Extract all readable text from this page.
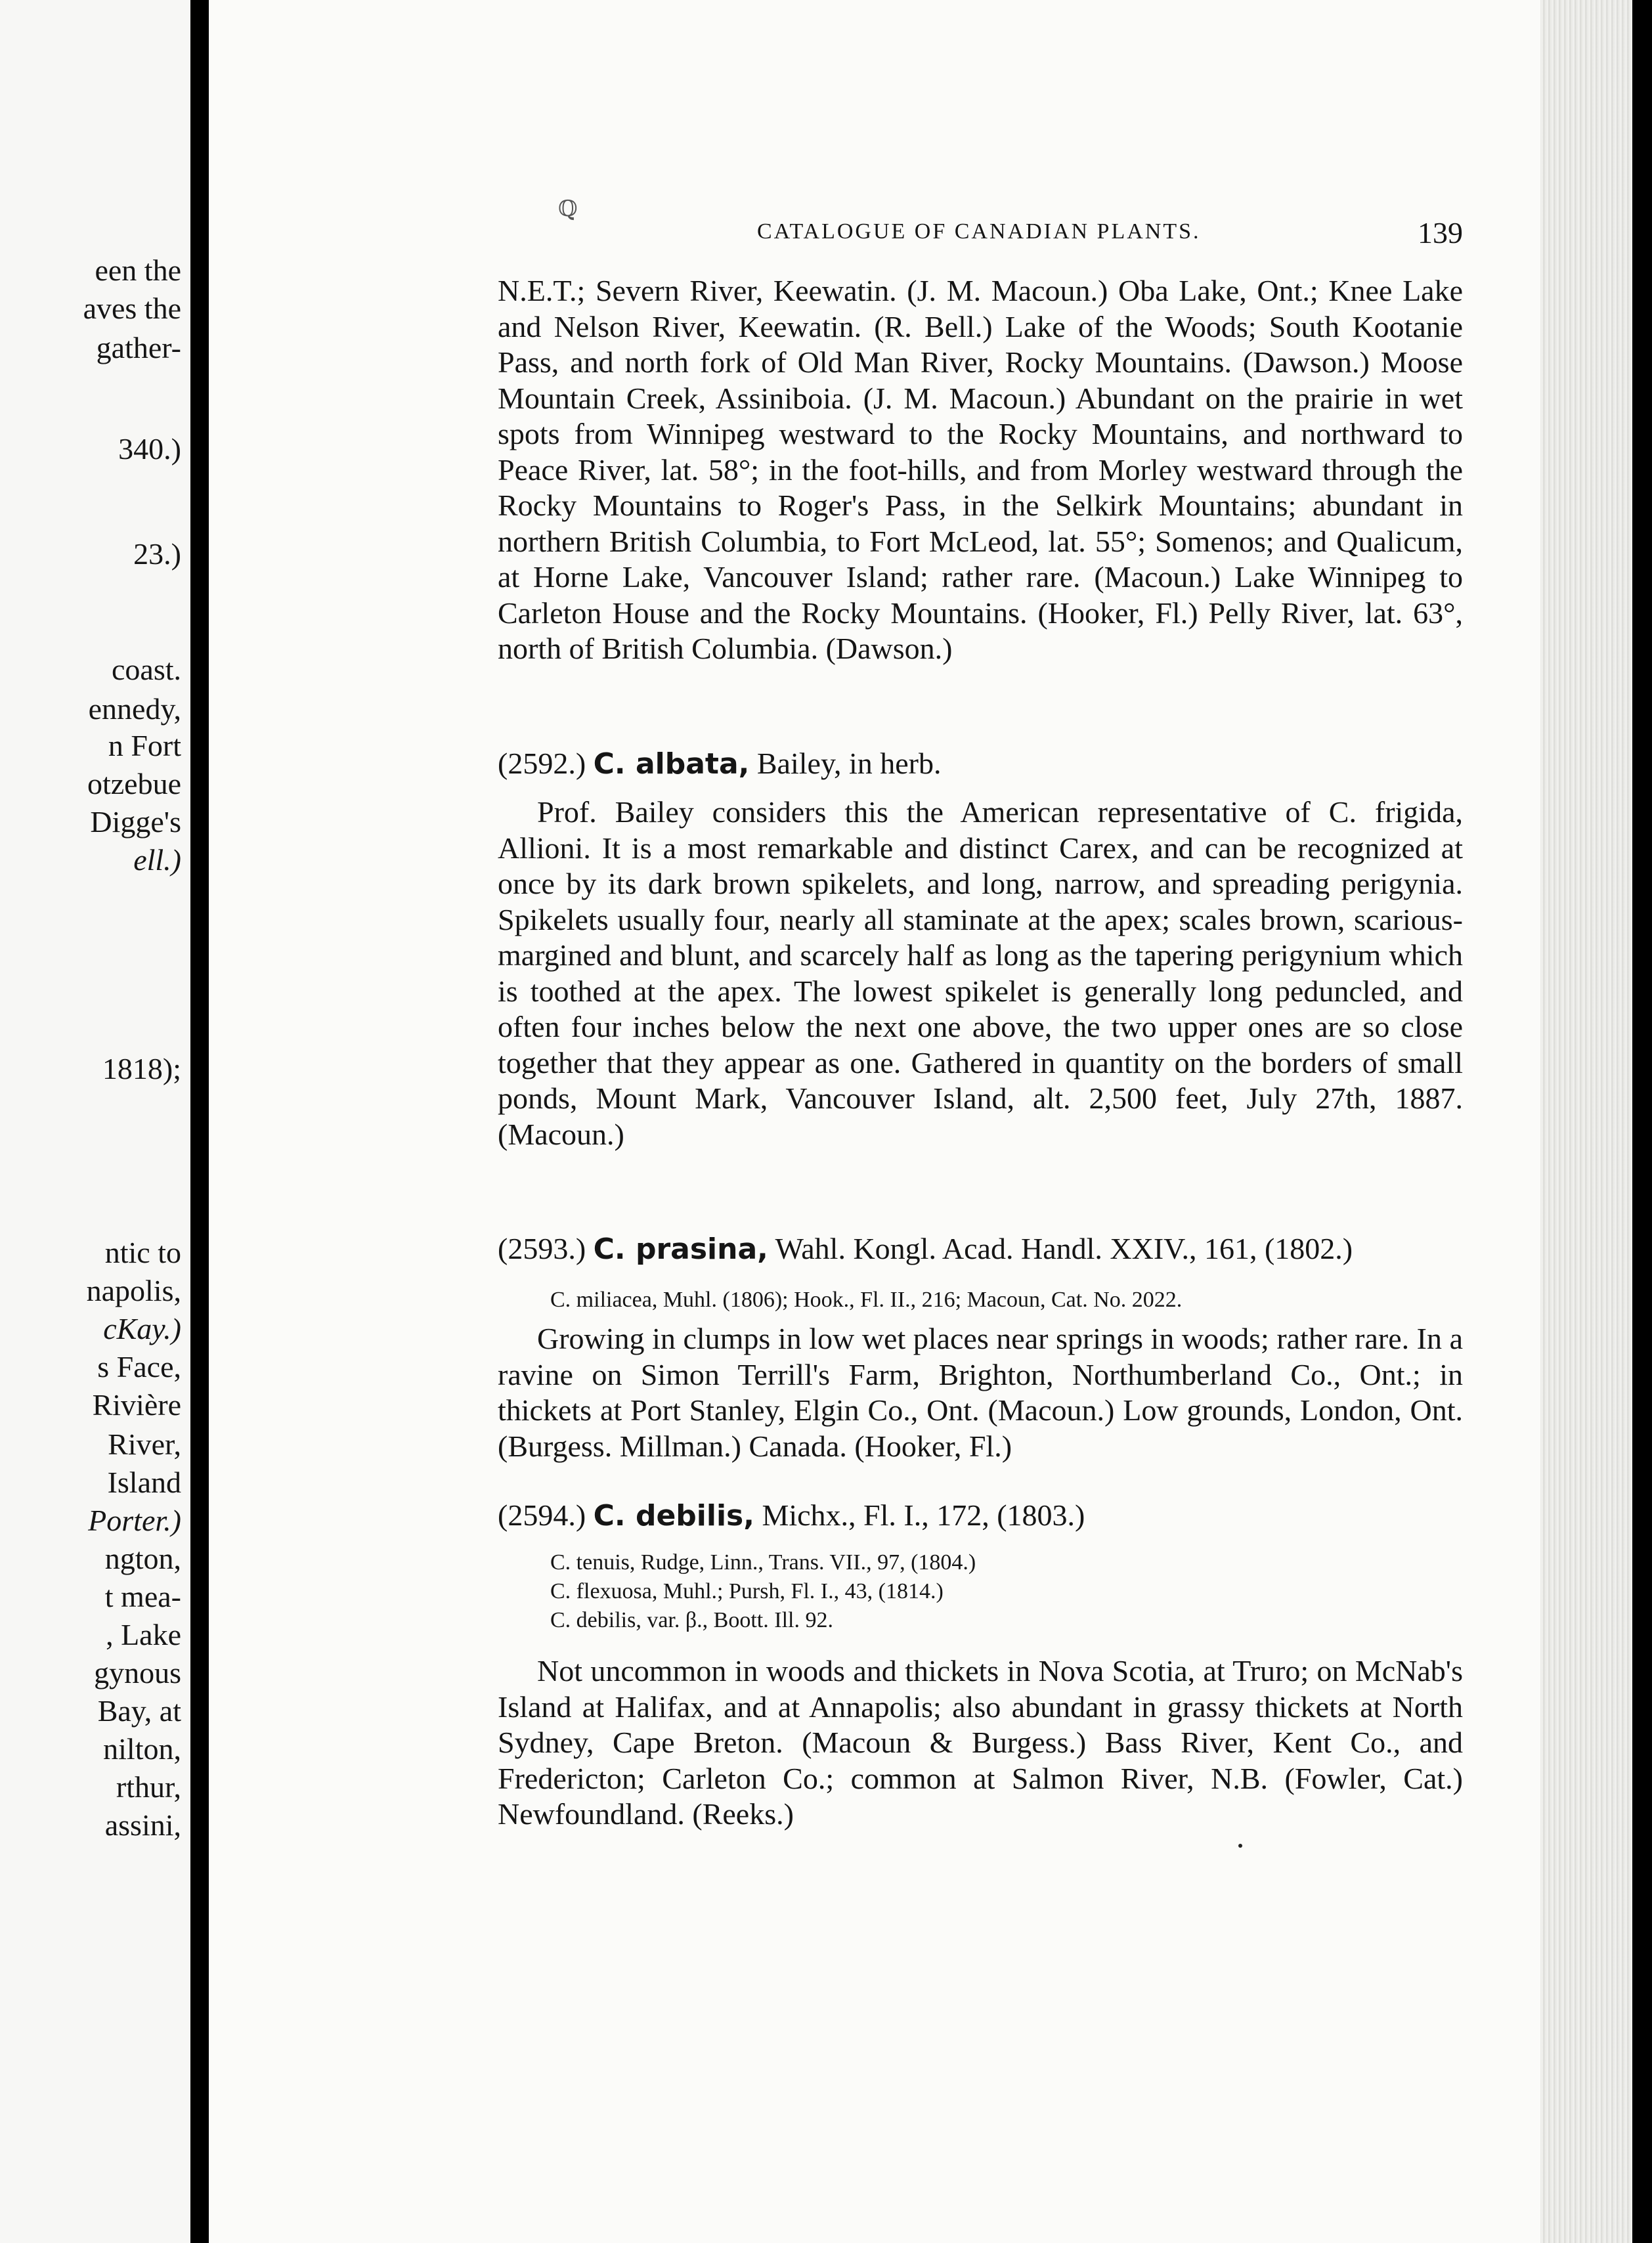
een the
aves the
gather-
340.)
23.)
coast.
ennedy,
n Fort
otzebue
Digge's
ell.)
1818);
ntic to
napolis,
cKay.)
s Face,
Rivière
River,
Island
Porter.)
ngton,
t mea-
, Lake
gynous
Bay, at
nilton,
rthur,
assini,
ℚ
CATALOGUE OF CANADIAN PLANTS.	139

N.E.T.; Severn River, Keewatin. (J. M. Macoun.) Oba Lake, Ont.; Knee Lake and Nelson River, Keewatin. (R. Bell.) Lake of the Woods; South Kootanie Pass, and north fork of Old Man River, Rocky Mountains. (Dawson.) Moose Mountain Creek, Assiniboia. (J. M. Macoun.) Abundant on the prairie in wet spots from Winnipeg westward to the Rocky Mountains, and northward to Peace River, lat. 58°; in the foot-hills, and from Morley westward through the Rocky Mountains to Roger's Pass, in the Selkirk Mountains; abundant in northern British Columbia, to Fort McLeod, lat. 55°; Somenos; and Qualicum, at Horne Lake, Vancouver Island; rather rare. (Macoun.) Lake Winnipeg to Carleton House and the Rocky Mountains. (Hooker, Fl.) Pelly River, lat. 63°, north of British Columbia. (Dawson.)

(2592.) C. albata, Bailey, in herb.

Prof. Bailey considers this the American representative of C. frigida, Allioni. It is a most remarkable and distinct Carex, and can be recognized at once by its dark brown spikelets, and long, narrow, and spreading perigynia. Spikelets usually four, nearly all staminate at the apex; scales brown, scarious-margined and blunt, and scarcely half as long as the tapering perigynium which is toothed at the apex. The lowest spikelet is generally long peduncled, and often four inches below the next one above, the two upper ones are so close together that they appear as one. Gathered in quantity on the borders of small ponds, Mount Mark, Vancouver Island, alt. 2,500 feet, July 27th, 1887. (Macoun.)

(2593.) C. prasina, Wahl. Kongl. Acad. Handl. XXIV., 161, (1802.)
C. miliacea, Muhl. (1806); Hook., Fl. II., 216; Macoun, Cat. No. 2022.

Growing in clumps in low wet places near springs in woods; rather rare. In a ravine on Simon Terrill's Farm, Brighton, Northumberland Co., Ont.; in thickets at Port Stanley, Elgin Co., Ont. (Macoun.) Low grounds, London, Ont. (Burgess. Millman.) Canada. (Hooker, Fl.)

(2594.) C. debilis, Michx., Fl. I., 172, (1803.)
C. tenuis, Rudge, Linn., Trans. VII., 97, (1804.)
C. flexuosa, Muhl.; Pursh, Fl. I., 43, (1814.)
C. debilis, var. β., Boott. Ill. 92.

Not uncommon in woods and thickets in Nova Scotia, at Truro; on McNab's Island at Halifax, and at Annapolis; also abundant in grassy thickets at North Sydney, Cape Breton. (Macoun & Burgess.) Bass River, Kent Co., and Fredericton; Carleton Co.; common at Salmon River, N.B. (Fowler, Cat.) Newfoundland. (Reeks.)
